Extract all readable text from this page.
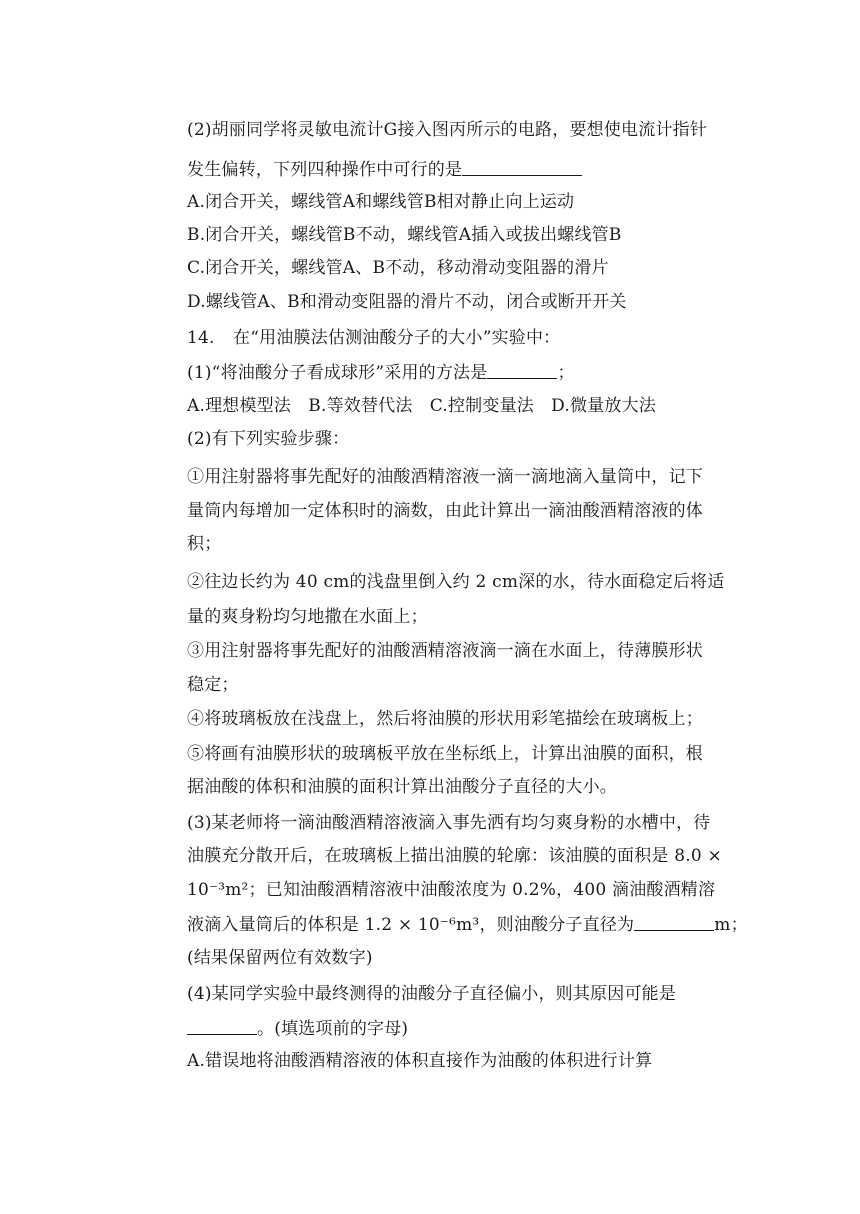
(2)胡丽同学将灵敏电流计G接入图丙所示的电路，要想使电流计指针
发生偏转，下列四种操作中可行的是
A.闭合开关，螺线管A和螺线管B相对静止向上运动
B.闭合开关，螺线管B不动，螺线管A插入或拔出螺线管B
C.闭合开关，螺线管A、B不动，移动滑动变阻器的滑片
D.螺线管A、B和滑动变阻器的滑片不动，闭合或断开开关
14. 在“用油膜法估测油酸分子的大小”实验中：
(1)“将油酸分子看成球形”采用的方法是	；
A.理想模型法　B.等效替代法　C.控制变量法　D.微量放大法
(2)有下列实验步骤：
①用注射器将事先配好的油酸酒精溶液一滴一滴地滴入量筒中，记下
量筒内每增加一定体积时的滴数，由此计算出一滴油酸酒精溶液的体
积；
②往边长约为 40 cm的浅盘里倒入约 2 cm深的水，待水面稳定后将适
量的爽身粉均匀地撒在水面上；
③用注射器将事先配好的油酸酒精溶液滴一滴在水面上，待薄膜形状
稳定；
④将玻璃板放在浅盘上，然后将油膜的形状用彩笔描绘在玻璃板上；
⑤将画有油膜形状的玻璃板平放在坐标纸上，计算出油膜的面积，根
据油酸的体积和油膜的面积计算出油酸分子直径的大小。
(3)某老师将一滴油酸酒精溶液滴入事先洒有均匀爽身粉的水槽中，待
油膜充分散开后，在玻璃板上描出油膜的轮廓：该油膜的面积是 8.0 ×
10⁻³m²；已知油酸酒精溶液中油酸浓度为 0.2%，400 滴油酸酒精溶
液滴入量筒后的体积是 1.2 × 10⁻⁶m³，则油酸分子直径为	m；
(结果保留两位有效数字)
(4)某同学实验中最终测得的油酸分子直径偏小，则其原因可能是
。(填选项前的字母)
A.错误地将油酸酒精溶液的体积直接作为油酸的体积进行计算
